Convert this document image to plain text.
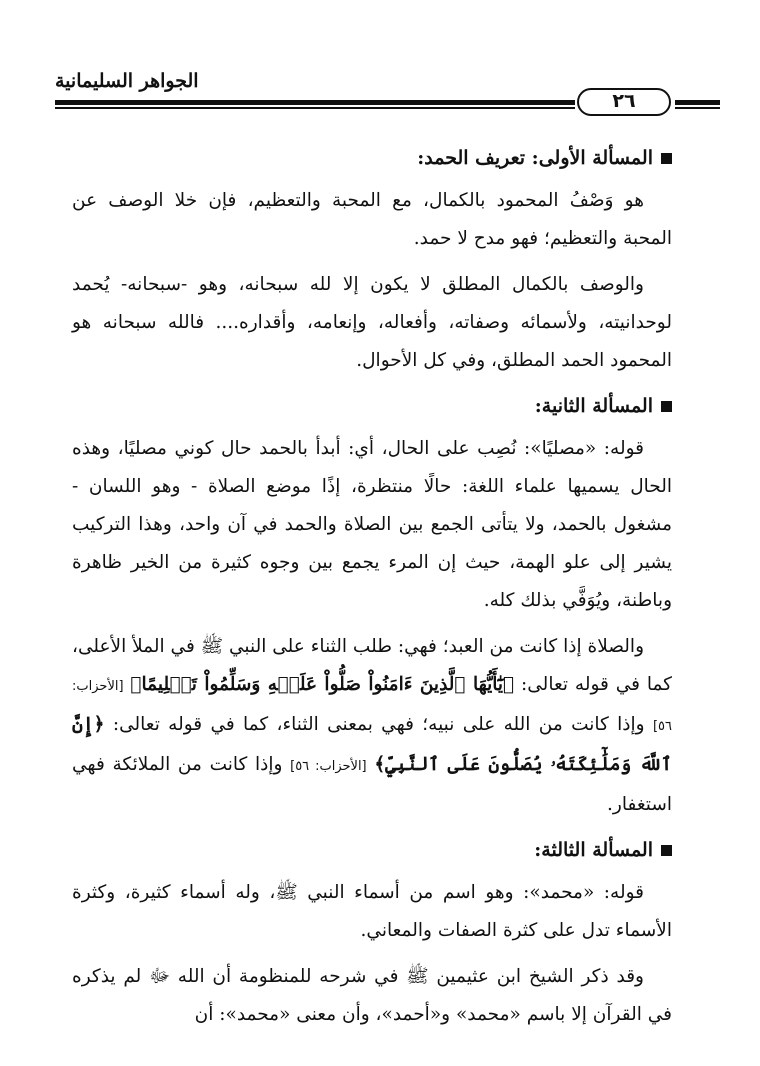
الجواهر السليمانية
٢٦
المسألة الأولى: تعريف الحمد:

هو وَصْفُ المحمود بالكمال، مع المحبة والتعظيم، فإن خلا الوصف عن المحبة والتعظيم؛ فهو مدح لا حمد.

والوصف بالكمال المطلق لا يكون إلا لله سبحانه، وهو -سبحانه- يُحمد لوحدانيته، ولأسمائه وصفاته، وأفعاله، وإنعامه، وأقداره.... فالله سبحانه هو المحمود الحمد المطلق، وفي كل الأحوال.

المسألة الثانية:

قوله: «مصليًا»: نُصِب على الحال، أي: أبدأ بالحمد حال كوني مصليًا، وهذه الحال يسميها علماء اللغة: حالًا منتظرة، إذًا موضع الصلاة - وهو اللسان - مشغول بالحمد، ولا يتأتى الجمع بين الصلاة والحمد في آن واحد، وهذا التركيب يشير إلى علو الهمة، حيث إن المرء يجمع بين وجوه كثيرة من الخير ظاهرة وباطنة، ويُوَفَّي بذلك كله.

والصلاة إذا كانت من العبد؛ فهي: طلب الثناء على النبي ﷺ في الملأ الأعلى، كما في قوله تعالى: ﴿يَٰٓأَيُّهَا ٱلَّذِينَ ءَامَنُواْ صَلُّواْ عَلَيۡهِ وَسَلِّمُواْ تَسۡلِيمًا﴾ [الأحزاب: ٥٦] وإذا كانت من الله على نبيه؛ فهي بمعنى الثناء، كما في قوله تعالى: ﴿إِنَّ ٱللَّهَ وَمَلَٰٓئِكَتَهُۥ يُصَلُّونَ عَلَى ٱلنَّبِيِّ﴾ [الأحزاب: ٥٦] وإذا كانت من الملائكة فهي استغفار.

المسألة الثالثة:

قوله: «محمد»: وهو اسم من أسماء النبي ﷺ، وله أسماء كثيرة، وكثرة الأسماء تدل على كثرة الصفات والمعاني.

وقد ذكر الشيخ ابن عثيمين ﷺ في شرحه للمنظومة أن الله ﷻ لم يذكره في القرآن إلا باسم «محمد» و«أحمد»، وأن معنى «محمد»: أن
